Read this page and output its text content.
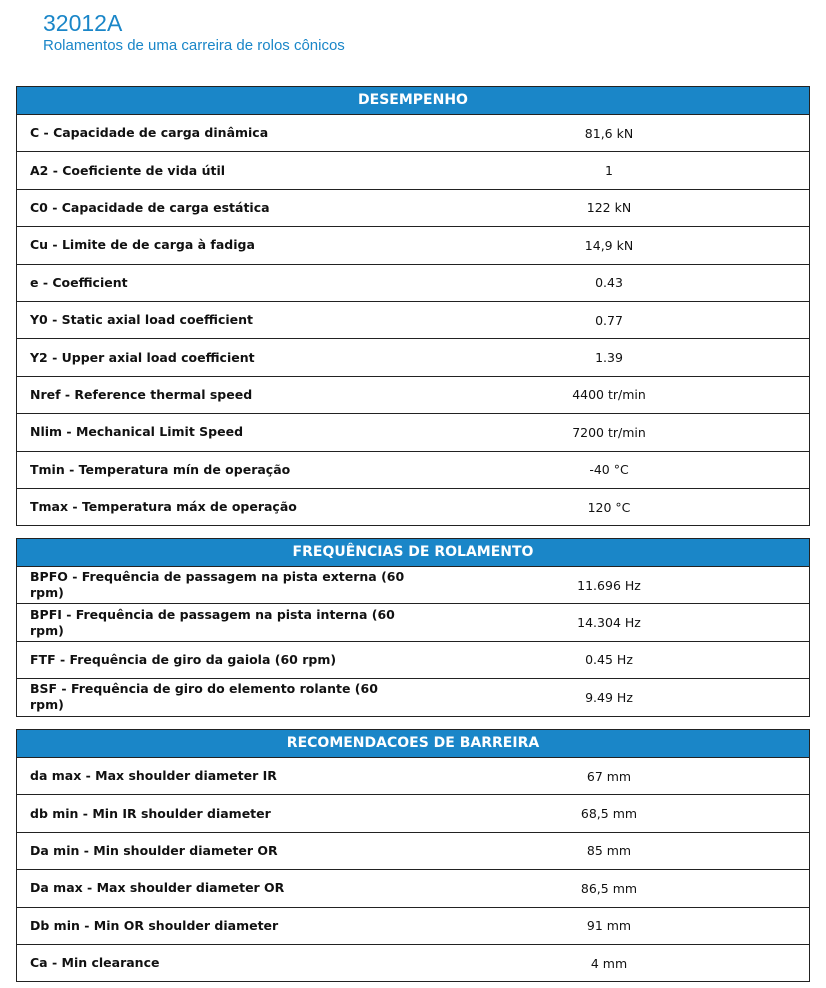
32012A
Rolamentos de uma carreira de rolos cônicos
DESEMPENHO
C - Capacidade de carga dinâmica	81,6 kN
A2 - Coeficiente de vida útil	1
C0 - Capacidade de carga estática	122 kN
Cu - Limite de de carga à fadiga	14,9 kN
e - Coefficient	0.43
Y0 - Static axial load coefficient	0.77
Y2 - Upper axial load coefficient	1.39
Nref - Reference thermal speed	4400 tr/min
Nlim - Mechanical Limit Speed	7200 tr/min
Tmin - Temperatura mín de operação	-40 °C
Tmax - Temperatura máx de operação	120 °C
FREQUÊNCIAS DE ROLAMENTO
BPFO - Frequência de passagem na pista externa (60 rpm)	11.696 Hz
BPFI - Frequência de passagem na pista interna (60 rpm)	14.304 Hz
FTF - Frequência de giro da gaiola (60 rpm)	0.45 Hz
BSF - Frequência de giro do elemento rolante (60 rpm)	9.49 Hz
RECOMENDACOES DE BARREIRA
da max - Max shoulder diameter IR	67 mm
db min - Min IR shoulder diameter	68,5 mm
Da min - Min shoulder diameter OR	85 mm
Da max - Max shoulder diameter OR	86,5 mm
Db min - Min OR shoulder diameter	91 mm
Ca - Min clearance	4 mm
